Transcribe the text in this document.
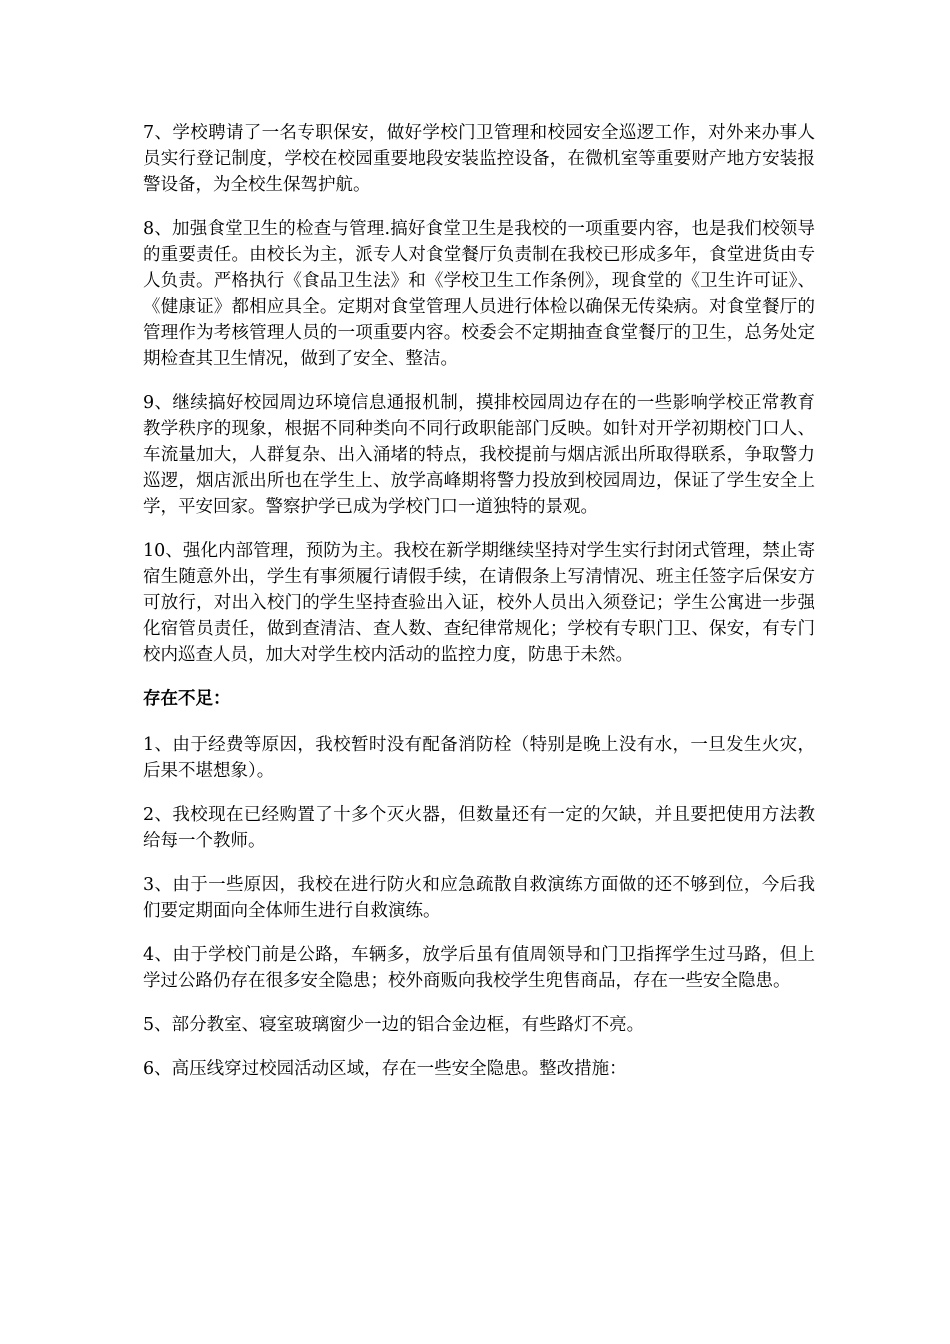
7、学校聘请了一名专职保安，做好学校门卫管理和校园安全巡逻工作，对外来办事人员实行登记制度，学校在校园重要地段安装监控设备，在微机室等重要财产地方安装报警设备，为全校生保驾护航。

8、加强食堂卫生的检查与管理.搞好食堂卫生是我校的一项重要内容，也是我们校领导的重要责任。由校长为主，派专人对食堂餐厅负责制在我校已形成多年，食堂进货由专人负责。严格执行《食品卫生法》和《学校卫生工作条例》，现食堂的《卫生许可证》、《健康证》都相应具全。定期对食堂管理人员进行体检以确保无传染病。对食堂餐厅的管理作为考核管理人员的一项重要内容。校委会不定期抽查食堂餐厅的卫生，总务处定期检查其卫生情况，做到了安全、整洁。

9、继续搞好校园周边环境信息通报机制，摸排校园周边存在的一些影响学校正常教育教学秩序的现象，根据不同种类向不同行政职能部门反映。如针对开学初期校门口人、车流量加大，人群复杂、出入涌堵的特点，我校提前与烟店派出所取得联系，争取警力巡逻，烟店派出所也在学生上、放学高峰期将警力投放到校园周边，保证了学生安全上学，平安回家。警察护学已成为学校门口一道独特的景观。

10、强化内部管理，预防为主。我校在新学期继续坚持对学生实行封闭式管理，禁止寄宿生随意外出，学生有事须履行请假手续，在请假条上写清情况、班主任签字后保安方可放行，对出入校门的学生坚持查验出入证，校外人员出入须登记；学生公寓进一步强化宿管员责任，做到查清洁、查人数、查纪律常规化；学校有专职门卫、保安，有专门校内巡查人员，加大对学生校内活动的监控力度，防患于未然。

存在不足：

1、由于经费等原因，我校暂时没有配备消防栓（特别是晚上没有水，一旦发生火灾，后果不堪想象）。

2、我校现在已经购置了十多个灭火器，但数量还有一定的欠缺，并且要把使用方法教给每一个教师。

3、由于一些原因，我校在进行防火和应急疏散自救演练方面做的还不够到位，今后我们要定期面向全体师生进行自救演练。

4、由于学校门前是公路，车辆多，放学后虽有值周领导和门卫指挥学生过马路，但上学过公路仍存在很多安全隐患；校外商贩向我校学生兜售商品，存在一些安全隐患。

5、部分教室、寝室玻璃窗少一边的铝合金边框，有些路灯不亮。

6、高压线穿过校园活动区域，存在一些安全隐患。整改措施：
